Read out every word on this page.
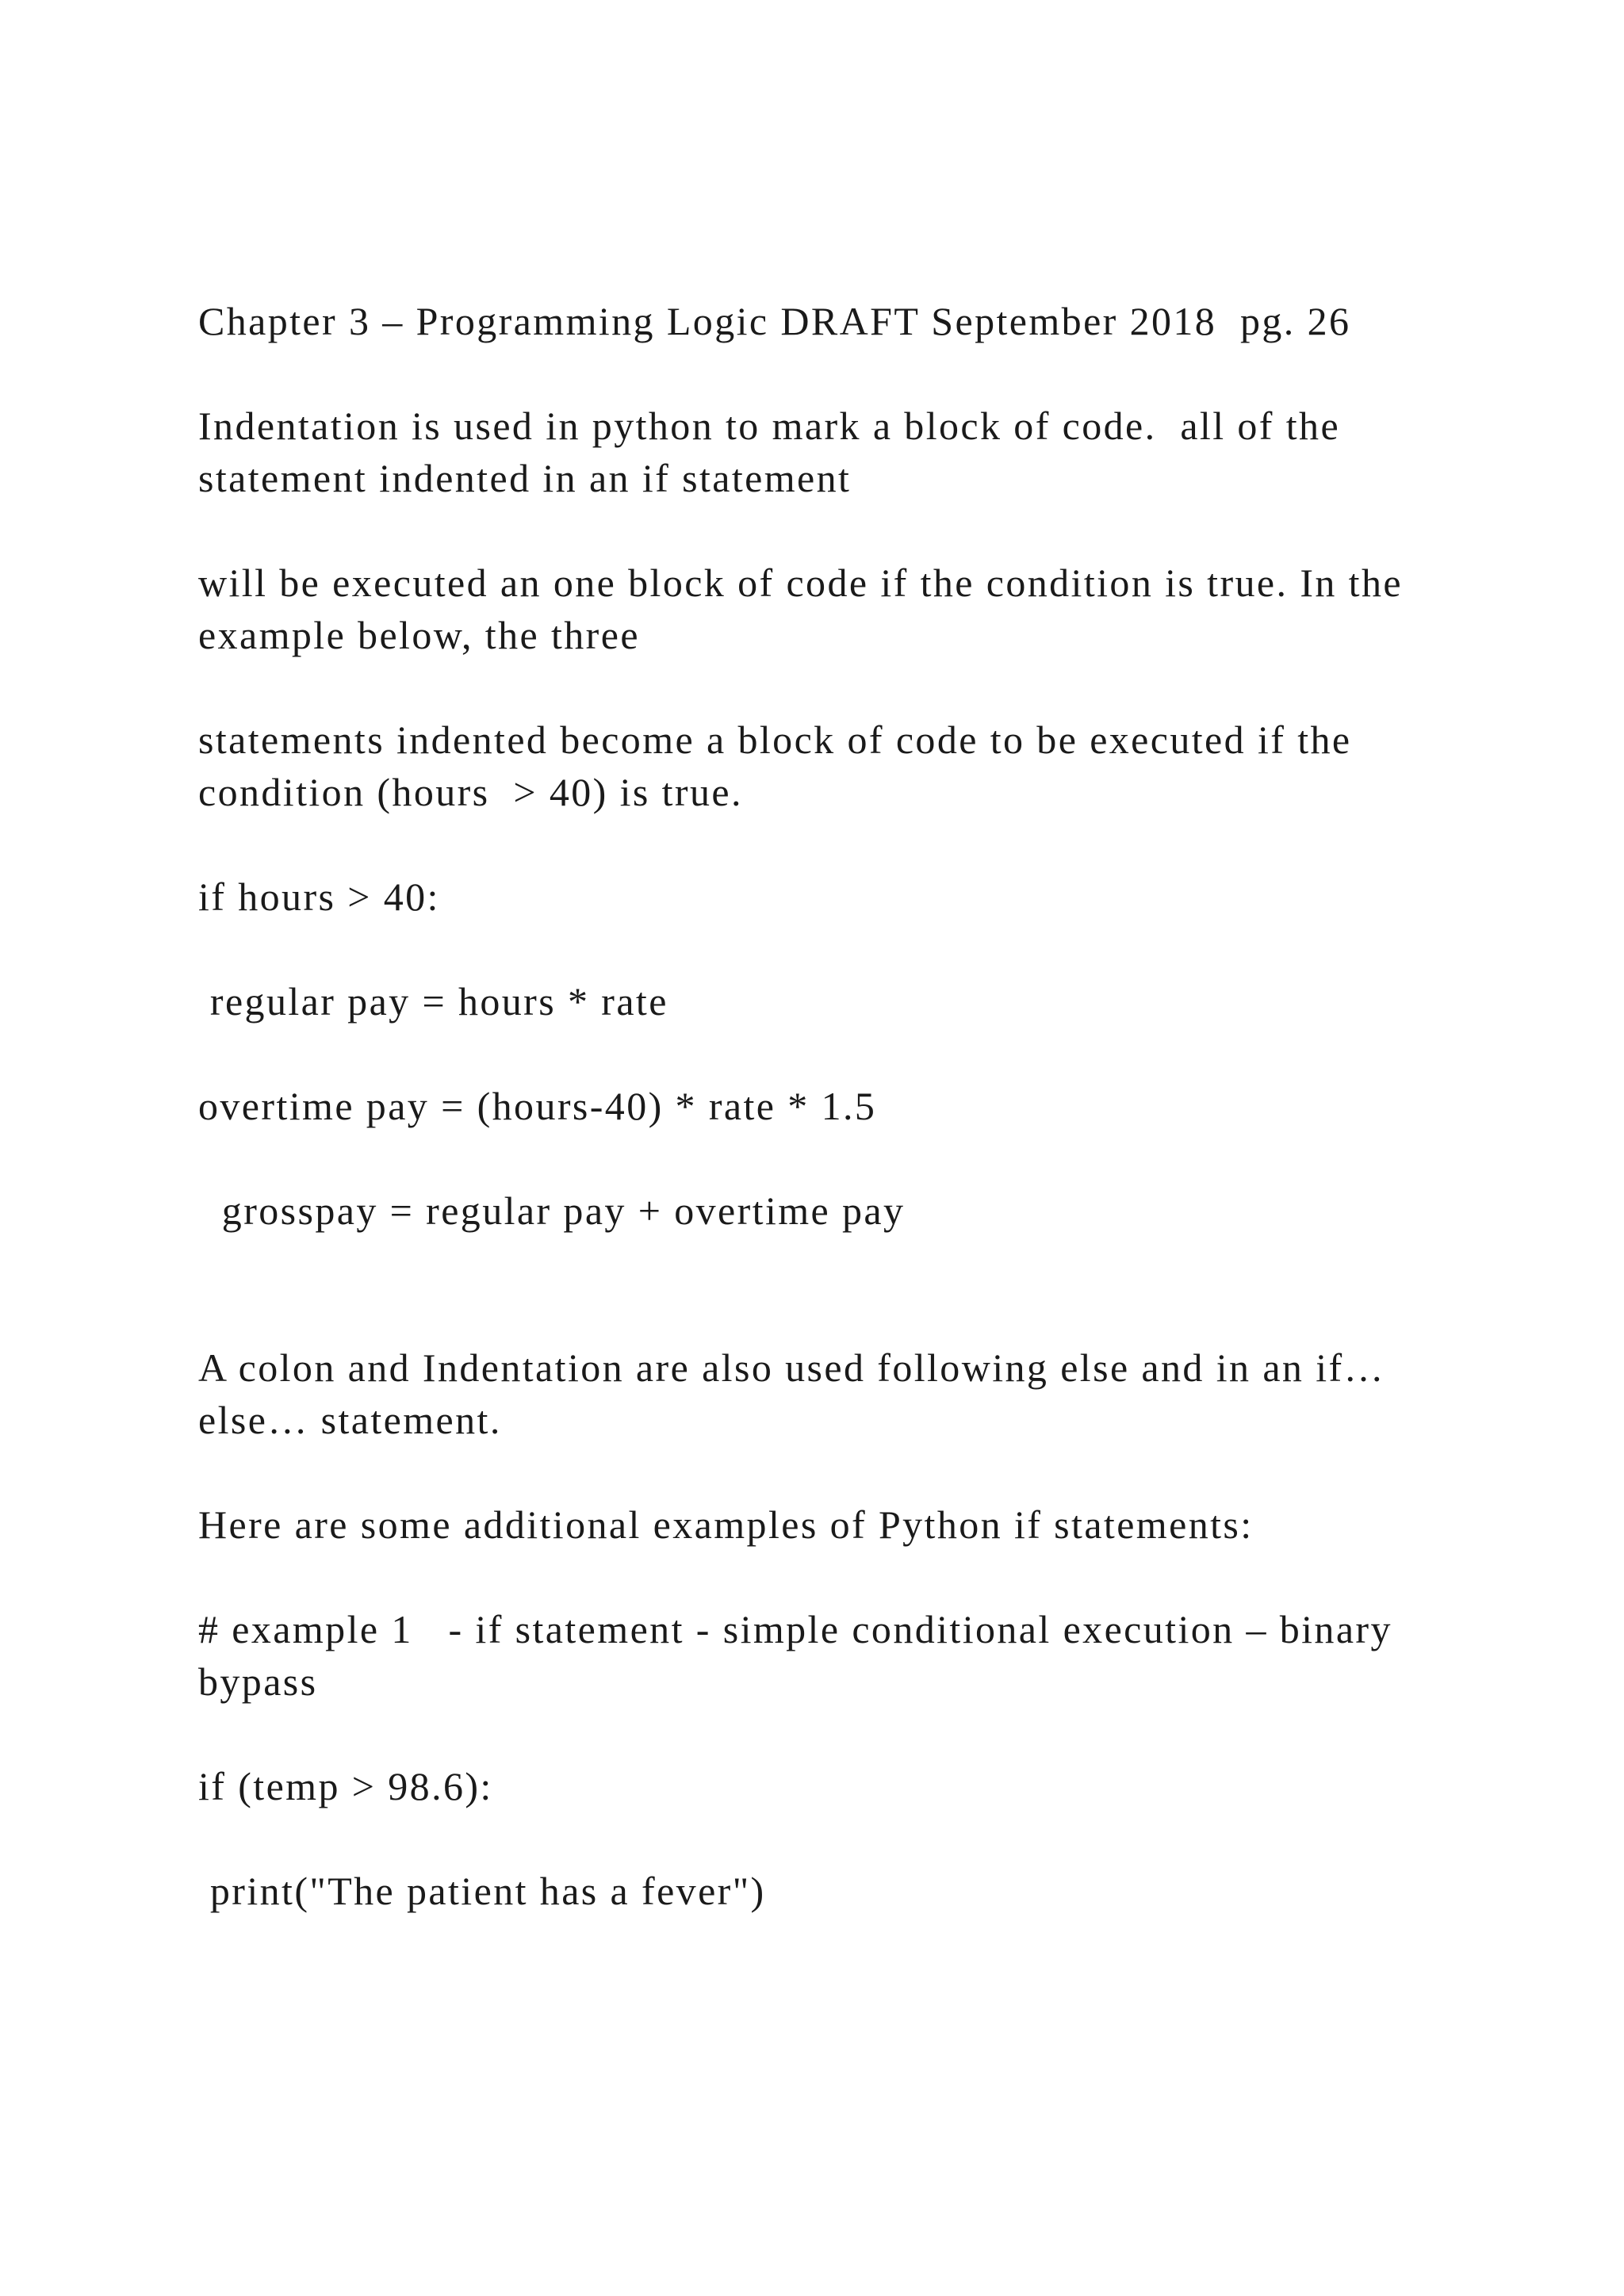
Chapter 3 – Programming Logic DRAFT September 2018  pg. 26

Indentation is used in python to mark a block of code.  all of the statement indented in an if statement

will be executed an one block of code if the condition is true. In the example below, the three

statements indented become a block of code to be executed if the condition (hours  > 40) is true.

if hours > 40:

regular pay = hours * rate

overtime pay = (hours-40) * rate * 1.5

grosspay = regular pay + overtime pay

A colon and Indentation are also used following else and in an if…else… statement.

Here are some additional examples of Python if statements:

# example 1   - if statement - simple conditional execution – binary bypass

if (temp > 98.6):

print("The patient has a fever")
